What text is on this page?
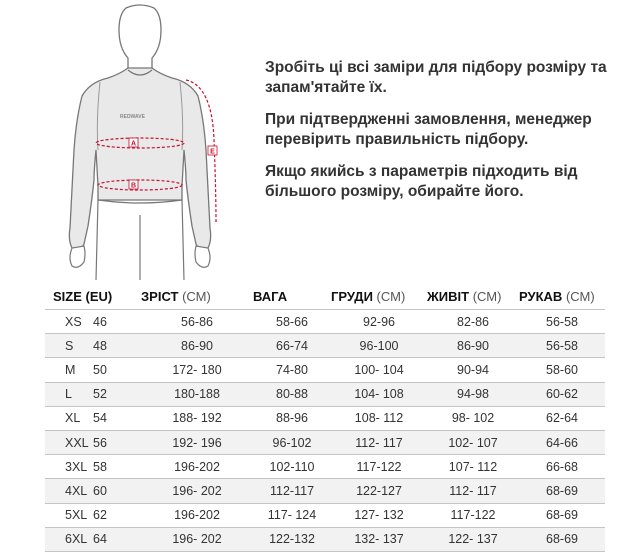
REDWAVE
A
B
E

Зробіть ці всі заміри для підбору розміру та запам'ятайте їх.

При підтвердженні замовлення, менеджер перевірить правильність підбору.

Якщо якийсь з параметрів підходить від більшого розміру, обирайте його.

SIZE (EU)		ЗРІСТ (СМ)	ВАГА	ГРУДИ (СМ)	ЖИВІТ (СМ)	РУКАВ (СМ)
XS	46	56-86	58-66	92-96	82-86	56-58
S	48	86-90	66-74	96-100	86-90	56-58
M	50	172- 180	74-80	100- 104	90-94	58-60
L	52	180-188	80-88	104- 108	94-98	60-62
XL	54	188- 192	88-96	108- 112	98- 102	62-64
XXL	56	192- 196	96-102	112- 117	102- 107	64-66
3XL	58	196-202	102-110	117-122	107- 112	66-68
4XL	60	196- 202	112-117	122-127	112- 117	68-69
5XL	62	196-202	117- 124	127- 132	117-122	68-69
6XL	64	196- 202	122-132	132- 137	122- 137	68-69
